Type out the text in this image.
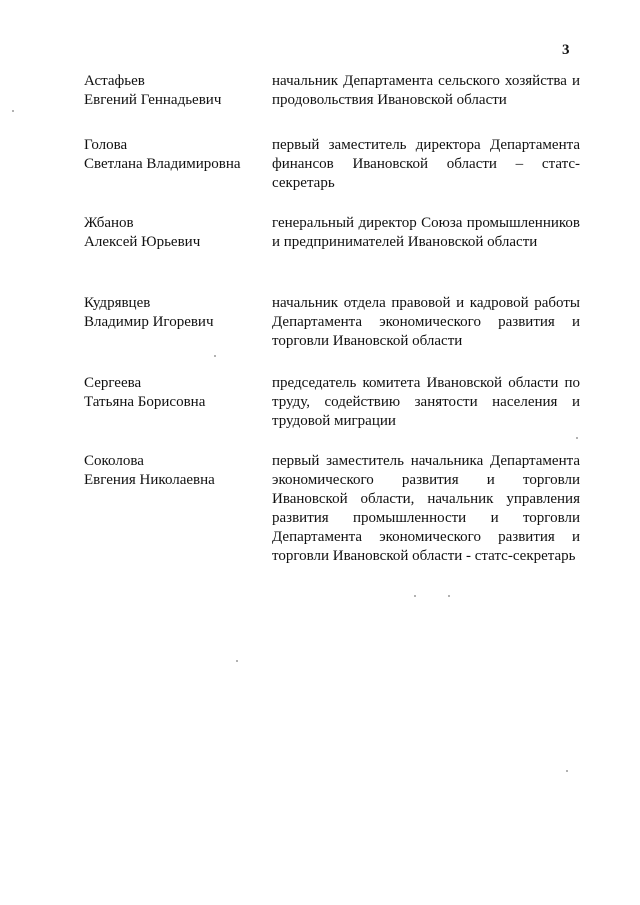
3
Астафьев
Евгений Геннадьевич
начальник Департамента сельского хозяйства и продовольствия Ивановской области
Голова
Светлана Владимировна
первый заместитель директора Департамента финансов Ивановской области – статс-секретарь
Жбанов
Алексей Юрьевич
генеральный директор Союза промышленников и предпринимателей Ивановской области
Кудрявцев
Владимир Игоревич
начальник отдела правовой и кадровой работы Департамента экономического развития и торговли Ивановской области
Сергеева
Татьяна Борисовна
председатель комитета Ивановской области по труду, содействию занятости населения и трудовой миграции
Соколова
Евгения Николаевна
первый заместитель начальника Департамента экономического развития и торговли Ивановской области, начальник управления развития промышленности и торговли Департамента экономического развития и торговли Ивановской области - статс-секретарь
